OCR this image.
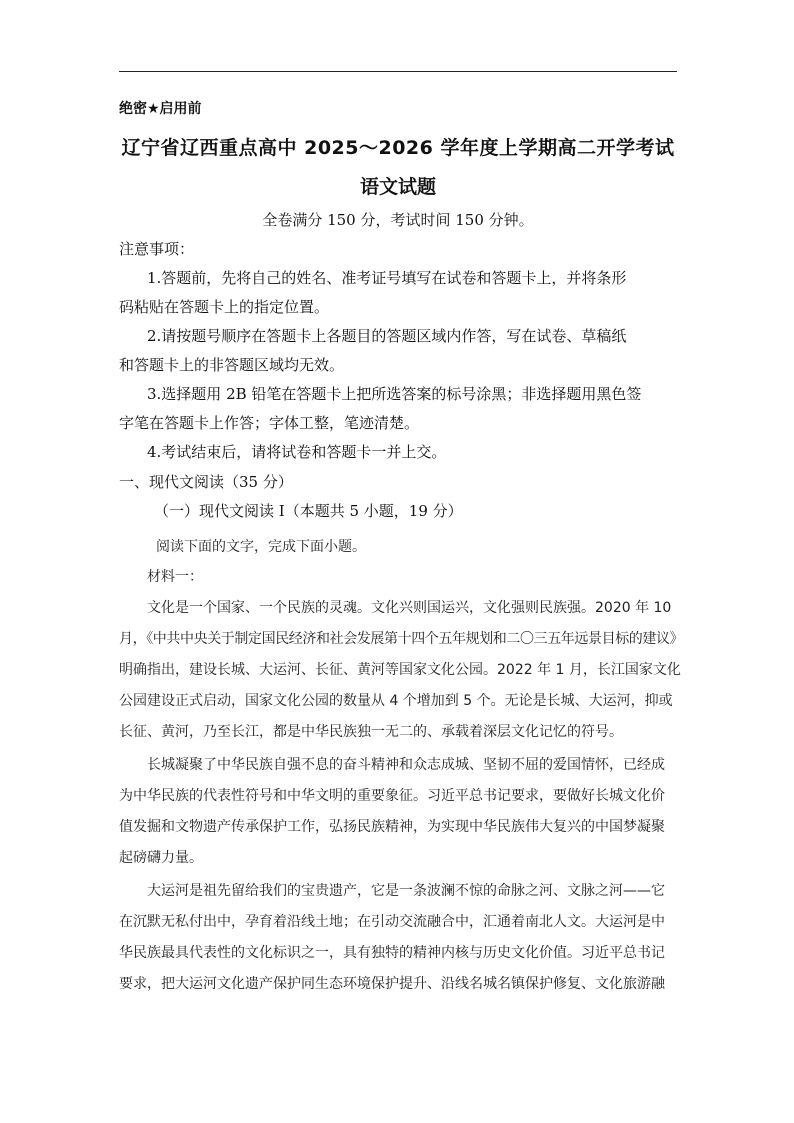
绝密★启用前
辽宁省辽西重点高中 2025～2026 学年度上学期高二开学考试
语文试题
全卷满分 150 分，考试时间 150 分钟。
注意事项：
1.答题前，先将自己的姓名、准考证号填写在试卷和答题卡上，并将条形
码粘贴在答题卡上的指定位置。
2.请按题号顺序在答题卡上各题目的答题区域内作答，写在试卷、草稿纸
和答题卡上的非答题区域均无效。
3.选择题用 2B 铅笔在答题卡上把所选答案的标号涂黑；非选择题用黑色签
字笔在答题卡上作答；字体工整，笔迹清楚。
4.考试结束后，请将试卷和答题卡一并上交。
一、现代文阅读（35 分）
（一）现代文阅读 I（本题共 5 小题，19 分）
阅读下面的文字，完成下面小题。
材料一：
文化是一个国家、一个民族的灵魂。文化兴则国运兴，文化强则民族强。2020 年 10
月，《中共中央关于制定国民经济和社会发展第十四个五年规划和二〇三五年远景目标的建议》
明确指出，建设长城、大运河、长征、黄河等国家文化公园。2022 年 1 月，长江国家文化
公园建设正式启动，国家文化公园的数量从 4 个增加到 5 个。无论是长城、大运河，抑或
长征、黄河，乃至长江，都是中华民族独一无二的、承载着深层文化记忆的符号。
长城凝聚了中华民族自强不息的奋斗精神和众志成城、坚韧不屈的爱国情怀，已经成
为中华民族的代表性符号和中华文明的重要象征。习近平总书记要求，要做好长城文化价
值发掘和文物遗产传承保护工作，弘扬民族精神，为实现中华民族伟大复兴的中国梦凝聚
起磅礴力量。
大运河是祖先留给我们的宝贵遗产，它是一条波澜不惊的命脉之河、文脉之河——它
在沉默无私付出中，孕育着沿线土地；在引动交流融合中，汇通着南北人文。大运河是中
华民族最具代表性的文化标识之一，具有独特的精神内核与历史文化价值。习近平总书记
要求，把大运河文化遗产保护同生态环境保护提升、沿线名城名镇保护修复、文化旅游融
